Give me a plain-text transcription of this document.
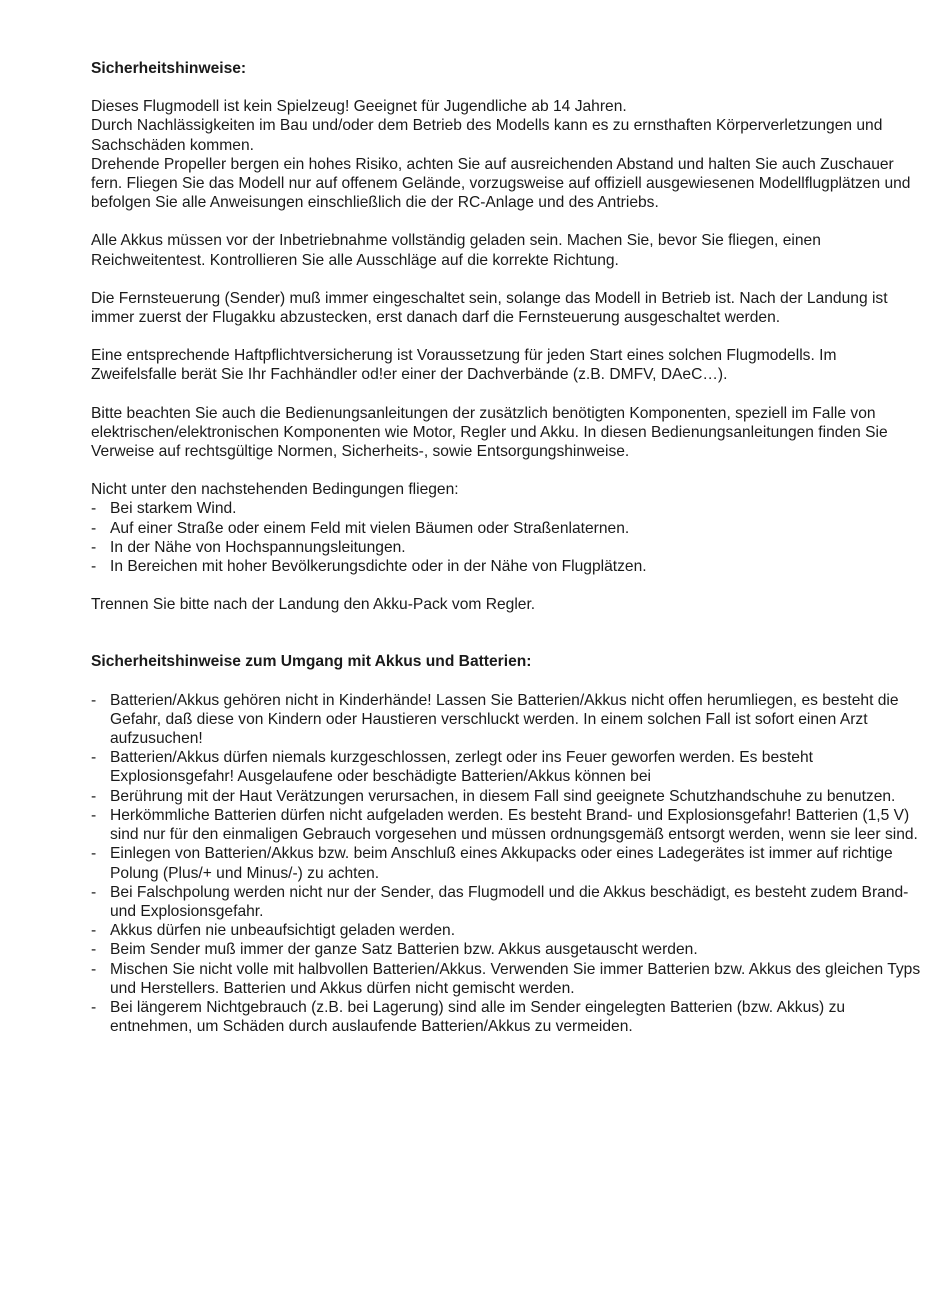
Sicherheitshinweise:

Dieses Flugmodell ist kein Spielzeug! Geeignet für Jugendliche ab 14 Jahren.

Durch Nachlässigkeiten im Bau und/oder dem Betrieb des Modells kann es zu ernsthaften Körperverletzungen und Sachschäden kommen.

Drehende Propeller bergen ein hohes Risiko, achten Sie auf ausreichenden Abstand und halten Sie auch Zuschauer fern. Fliegen Sie das Modell nur auf offenem Gelände, vorzugsweise auf offiziell ausgewiesenen Modellflugplätzen und befolgen Sie alle Anweisungen einschließlich die der RC-Anlage und des Antriebs.

Alle Akkus müssen vor der Inbetriebnahme vollständig geladen sein. Machen Sie, bevor Sie fliegen, einen Reichweitentest. Kontrollieren Sie alle Ausschläge auf die korrekte Richtung.

Die Fernsteuerung (Sender) muß immer eingeschaltet sein, solange das Modell in Betrieb ist. Nach der Landung ist immer zuerst der Flugakku abzustecken, erst danach darf die Fernsteuerung ausgeschaltet werden.

Eine entsprechende Haftpflichtversicherung ist Voraussetzung für jeden Start eines solchen Flugmodells. Im Zweifelsfalle berät Sie Ihr Fachhändler od!er einer der Dachverbände (z.B. DMFV, DAeC…).

Bitte beachten Sie auch die Bedienungsanleitungen der zusätzlich benötigten Komponenten, speziell im Falle von elektrischen/elektronischen Komponenten wie Motor, Regler und Akku. In diesen Bedienungsanleitungen finden Sie Verweise auf rechtsgültige Normen, Sicherheits-, sowie Entsorgungshinweise.

Nicht unter den nachstehenden Bedingungen fliegen:

- Bei starkem Wind.
- Auf einer Straße oder einem Feld mit vielen Bäumen oder Straßenlaternen.
- In der Nähe von Hochspannungsleitungen.
- In Bereichen mit hoher Bevölkerungsdichte oder in der Nähe von Flugplätzen.

Trennen Sie bitte nach der Landung den Akku-Pack vom Regler.

Sicherheitshinweise zum Umgang mit Akkus und Batterien:
- Batterien/Akkus gehören nicht in Kinderhände! Lassen Sie Batterien/Akkus nicht offen herumliegen, es besteht die Gefahr, daß diese von Kindern oder Haustieren verschluckt werden. In einem solchen Fall ist sofort einen Arzt aufzusuchen!
- Batterien/Akkus dürfen niemals kurzgeschlossen, zerlegt oder ins Feuer geworfen werden. Es besteht Explosionsgefahr! Ausgelaufene oder beschädigte Batterien/Akkus können bei
- Berührung mit der Haut Verätzungen verursachen, in diesem Fall sind geeignete Schutzhandschuhe zu benutzen.
- Herkömmliche Batterien dürfen nicht aufgeladen werden. Es besteht Brand- und Explosionsgefahr! Batterien (1,5 V) sind nur für den einmaligen Gebrauch vorgesehen und müssen ordnungsgemäß entsorgt werden, wenn sie leer sind.
- Einlegen von Batterien/Akkus bzw. beim Anschluß eines Akkupacks oder eines Ladegerätes ist immer auf richtige Polung (Plus/+ und Minus/-) zu achten.
- Bei Falschpolung werden nicht nur der Sender, das Flugmodell und die Akkus beschädigt, es besteht zudem Brand- und Explosionsgefahr.
- Akkus dürfen nie unbeaufsichtigt geladen werden.
- Beim Sender muß immer der ganze Satz Batterien bzw. Akkus ausgetauscht werden.
- Mischen Sie nicht volle mit halbvollen Batterien/Akkus. Verwenden Sie immer Batterien bzw. Akkus des gleichen Typs und Herstellers. Batterien und Akkus dürfen nicht gemischt werden.
- Bei längerem Nichtgebrauch (z.B. bei Lagerung) sind alle im Sender eingelegten Batterien (bzw. Akkus) zu entnehmen, um Schäden durch auslaufende Batterien/Akkus zu vermeiden.
